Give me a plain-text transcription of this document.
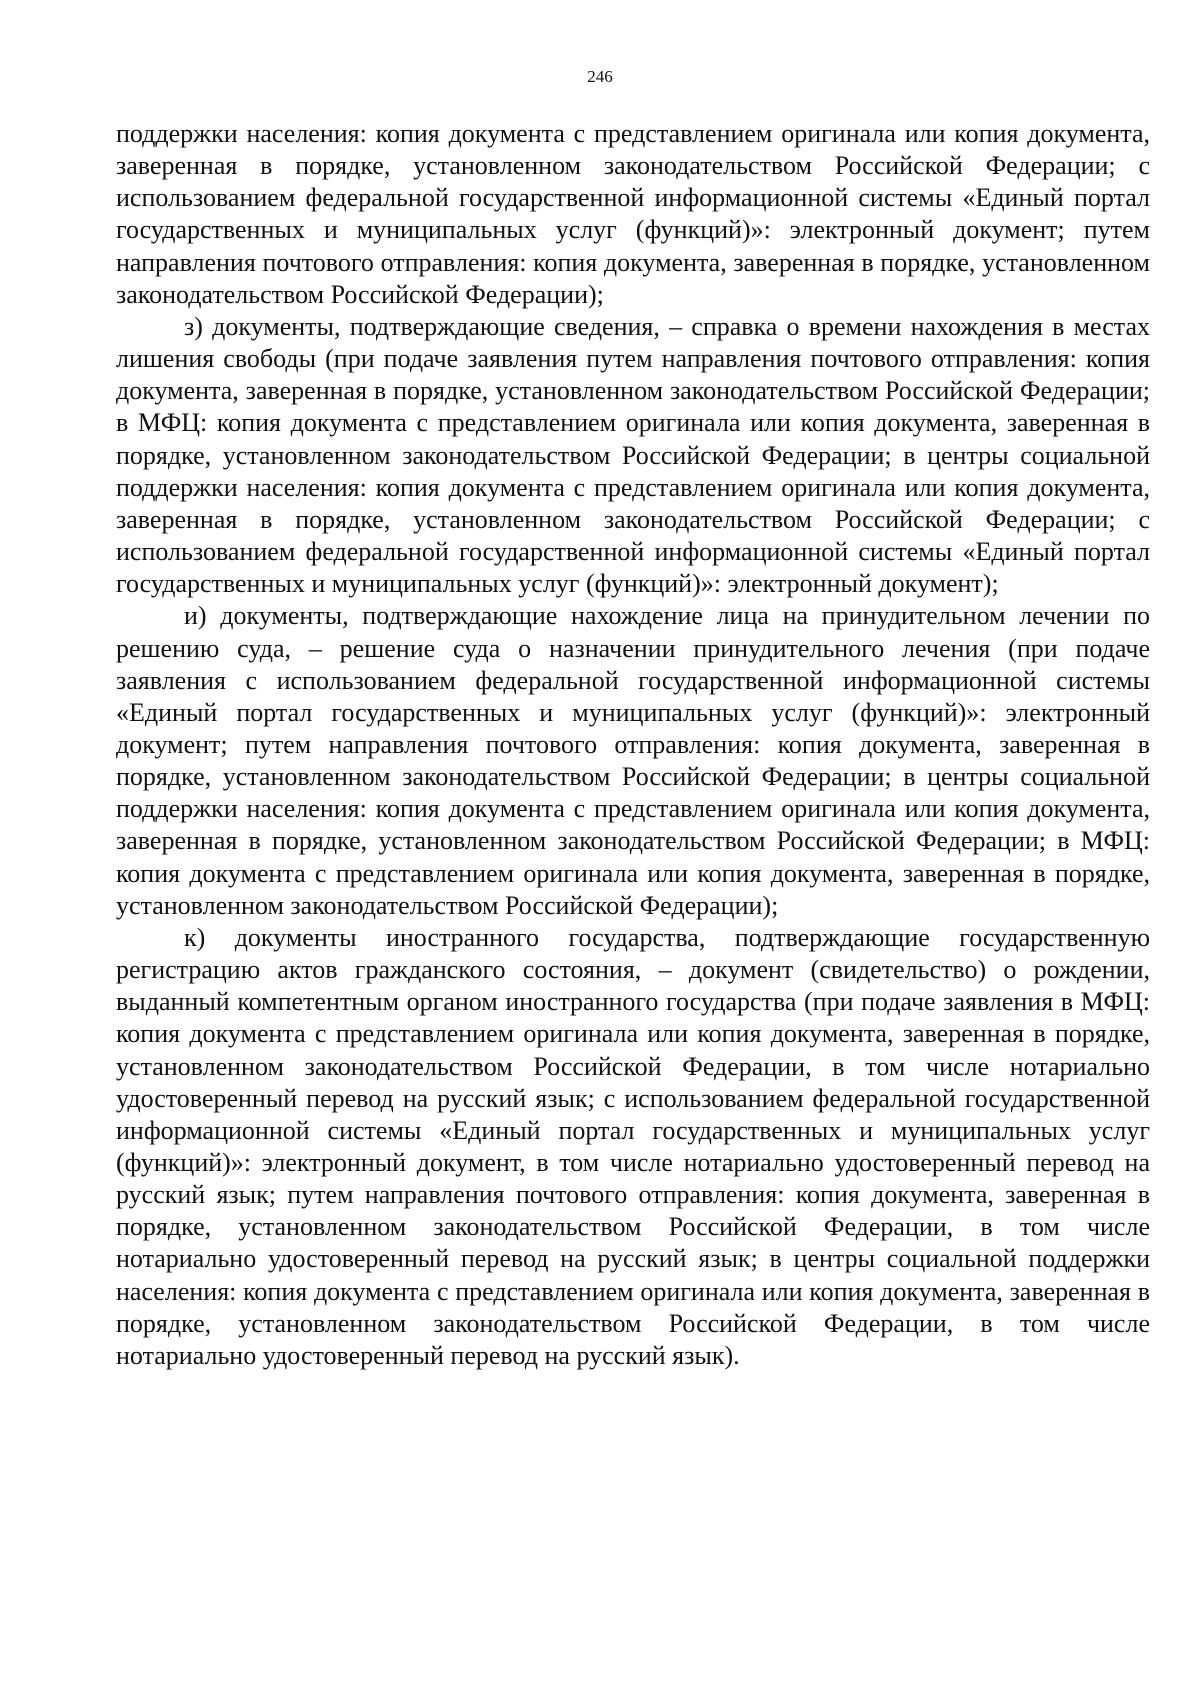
246

поддержки населения: копия документа с представлением оригинала или копия документа, заверенная в порядке, установленном законодательством Российской Федерации; с использованием федеральной государственной информационной системы «Единый портал государственных и муниципальных услуг (функций)»: электронный документ; путем направления почтового отправления: копия документа, заверенная в порядке, установленном законодательством Российской Федерации);

з) документы, подтверждающие сведения, – справка о времени нахождения в местах лишения свободы (при подаче заявления путем направления почтового отправления: копия документа, заверенная в порядке, установленном законодательством Российской Федерации; в МФЦ: копия документа с представлением оригинала или копия документа, заверенная в порядке, установленном законодательством Российской Федерации; в центры социальной поддержки населения: копия документа с представлением оригинала или копия документа, заверенная в порядке, установленном законодательством Российской Федерации; с использованием федеральной государственной информационной системы «Единый портал государственных и муниципальных услуг (функций)»: электронный документ);

и) документы, подтверждающие нахождение лица на принудительном лечении по решению суда, – решение суда о назначении принудительного лечения (при подаче заявления с использованием федеральной государственной информационной системы «Единый портал государственных и муниципальных услуг (функций)»: электронный документ; путем направления почтового отправления: копия документа, заверенная в порядке, установленном законодательством Российской Федерации; в центры социальной поддержки населения: копия документа с представлением оригинала или копия документа, заверенная в порядке, установленном законодательством Российской Федерации; в МФЦ: копия документа с представлением оригинала или копия документа, заверенная в порядке, установленном законодательством Российской Федерации);

к) документы иностранного государства, подтверждающие государственную регистрацию актов гражданского состояния, – документ (свидетельство) о рождении, выданный компетентным органом иностранного государства (при подаче заявления в МФЦ: копия документа с представлением оригинала или копия документа, заверенная в порядке, установленном законодательством Российской Федерации, в том числе нотариально удостоверенный перевод на русский язык; с использованием федеральной государственной информационной системы «Единый портал государственных и муниципальных услуг (функций)»: электронный документ, в том числе нотариально удостоверенный перевод на русский язык; путем направления почтового отправления: копия документа, заверенная в порядке, установленном законодательством Российской Федерации, в том числе нотариально удостоверенный перевод на русский язык; в центры социальной поддержки населения: копия документа с представлением оригинала или копия документа, заверенная в порядке, установленном законодательством Российской Федерации, в том числе нотариально удостоверенный перевод на русский язык).
